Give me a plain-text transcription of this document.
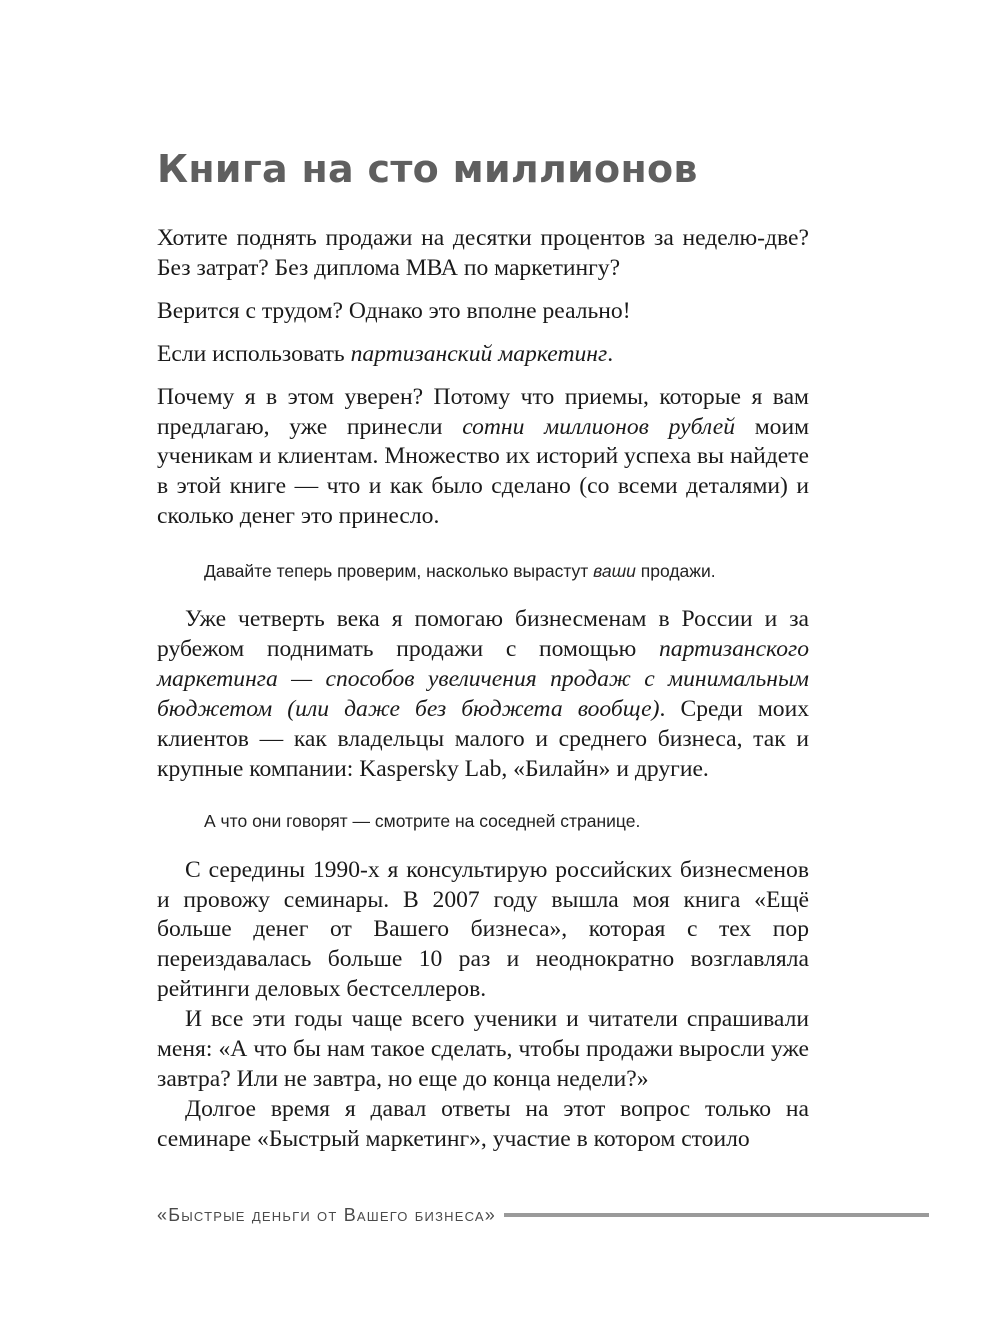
Книга на сто миллионов

Хотите поднять продажи на десятки процентов за неделю-две? Без затрат? Без диплома МВА по маркетингу?

Верится с трудом? Однако это вполне реально!

Если использовать партизанский маркетинг.

Почему я в этом уверен? Потому что приемы, которые я вам предлагаю, уже принесли сотни миллионов рублей моим ученикам и клиентам. Множество их историй успеха вы найдете в этой книге — что и как было сделано (со всеми деталями) и сколько денег это принесло.

Давайте теперь проверим, насколько вырастут ваши продажи.

Уже четверть века я помогаю бизнесменам в России и за рубежом поднимать продажи с помощью партизанского маркетинга — способов увеличения продаж с минимальным бюджетом (или даже без бюджета вообще). Среди моих клиентов — как владельцы малого и среднего бизнеса, так и крупные компании: Kaspersky Lab, «Билайн» и другие.

А что они говорят — смотрите на соседней странице.

С середины 1990-х я консультирую российских бизнесменов и провожу семинары. В 2007 году вышла моя книга «Ещё больше денег от Вашего бизнеса», которая с тех пор переиздавалась больше 10 раз и неоднократно возглавляла рейтинги деловых бестселлеров.

И все эти годы чаще всего ученики и читатели спрашивали меня: «А что бы нам такое сделать, чтобы продажи выросли уже завтра? Или не завтра, но еще до конца недели?»

Долгое время я давал ответы на этот вопрос только на семинаре «Быстрый маркетинг», участие в котором стоило

«Быстрые деньги от Вашего бизнеса»
